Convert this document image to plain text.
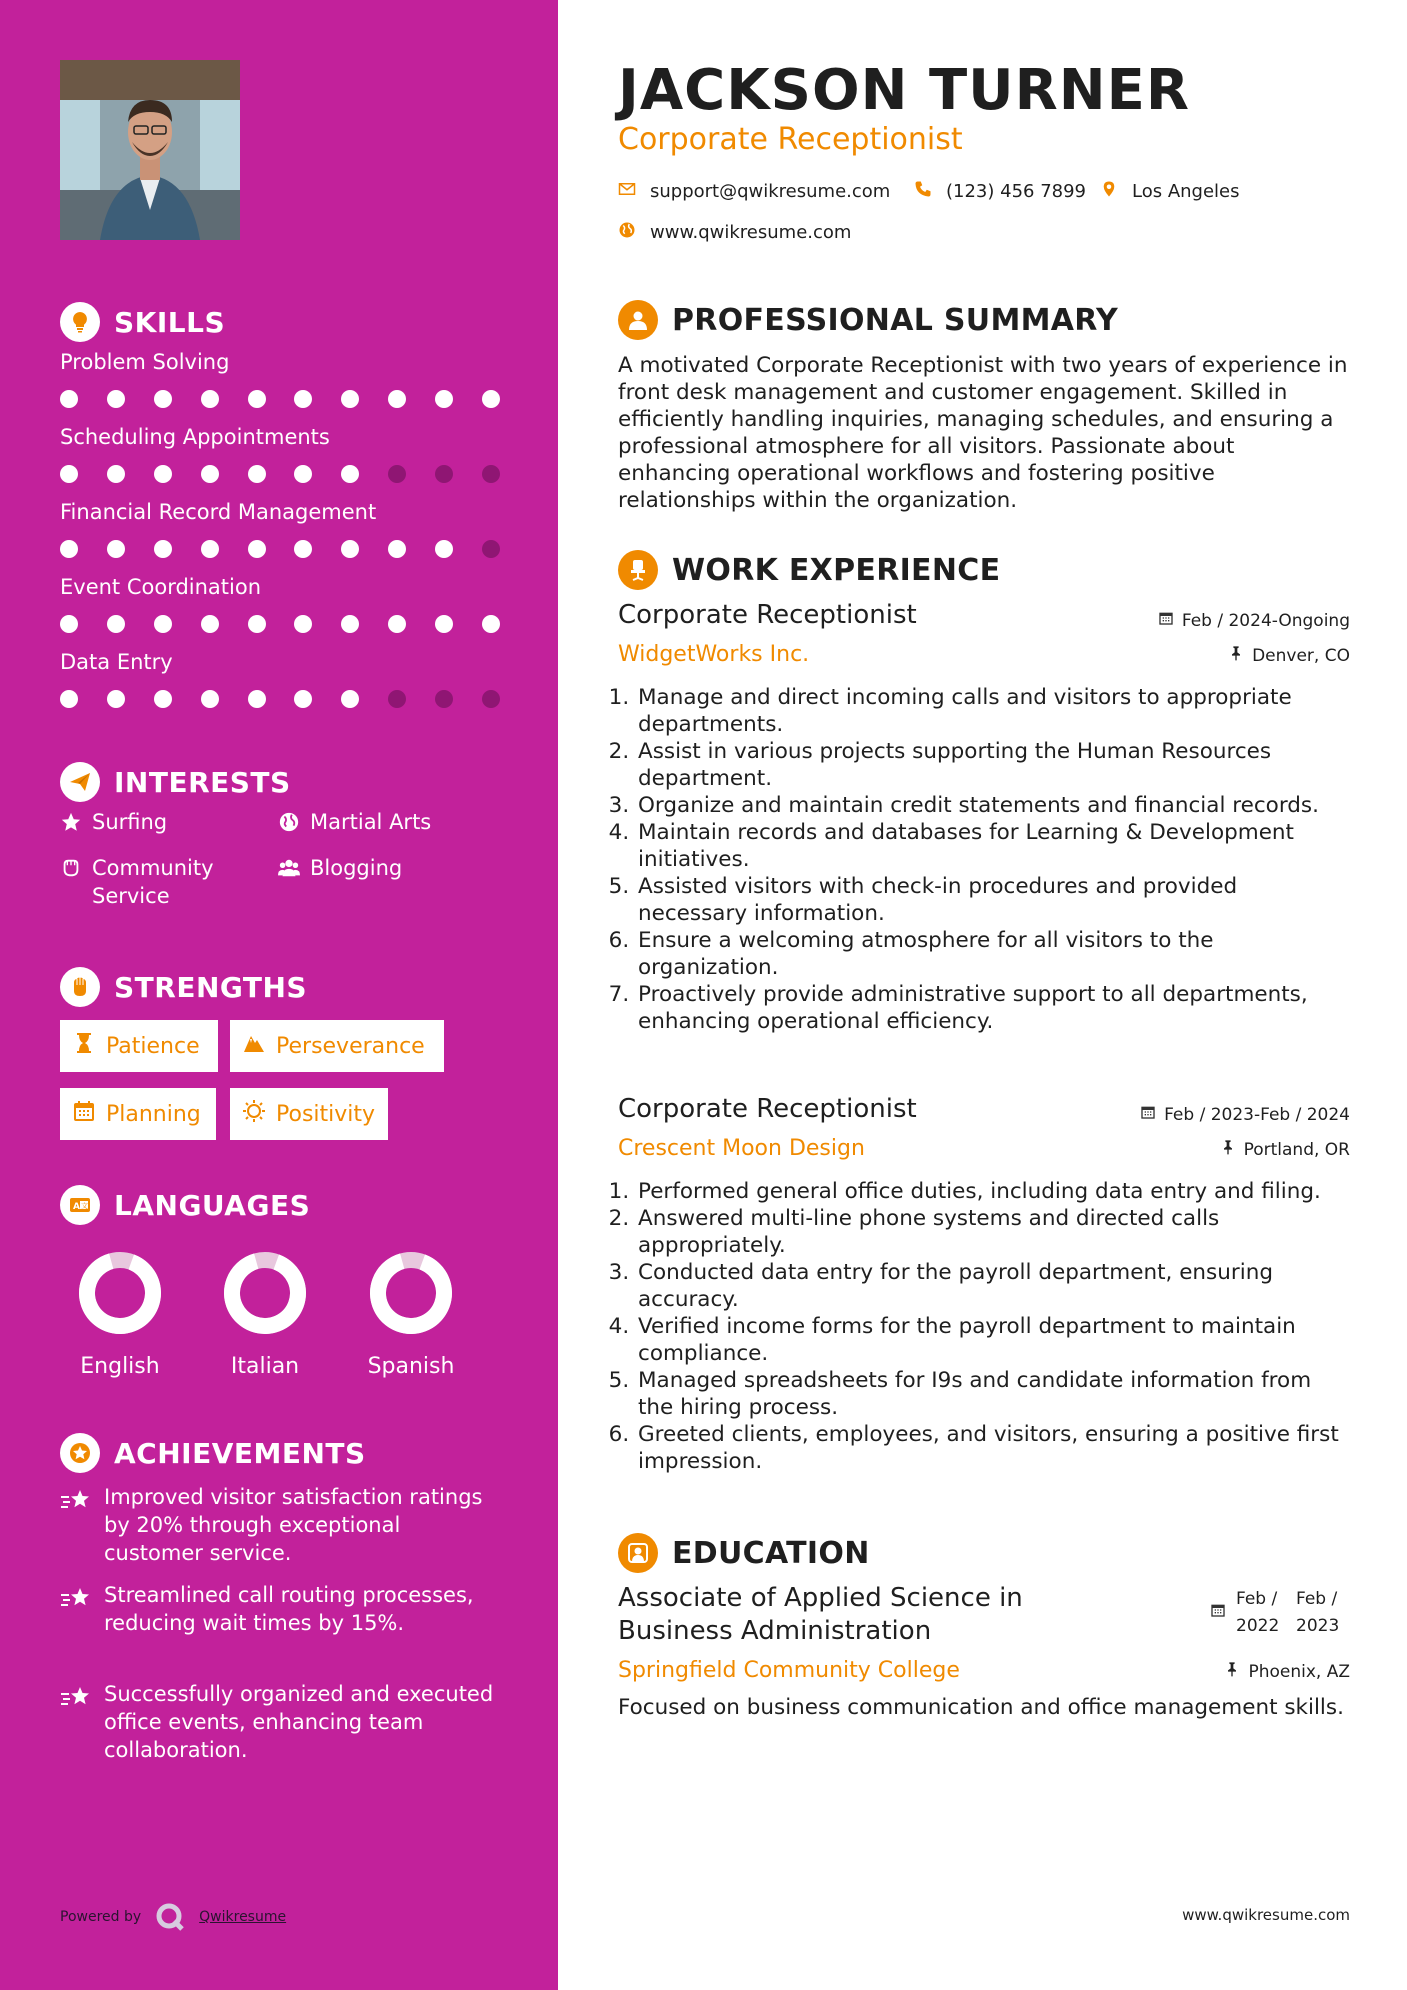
SKILLS
Problem Solving
Scheduling Appointments
Financial Record Management
Event Coordination
Data Entry
INTERESTS
Surfing	Martial Arts
Community Service
Blogging
STRENGTHS
Patience	Perseverance
Planning	Positivity
A 文 LANGUAGES
English	Italian	Spanish
ACHIEVEMENTS
Improved visitor satisfaction ratings by 20% through exceptional customer service.
Streamlined call routing processes, reducing wait times by 15%.
Successfully organized and executed office events, enhancing team collaboration.
Powered by	Qwikresume
JACKSON TURNER
Corporate Receptionist
support@qwikresume.com	(123) 456 7899	Los Angeles
www.qwikresume.com
PROFESSIONAL SUMMARY

A motivated Corporate Receptionist with two years of experience in front desk management and customer engagement. Skilled in efficiently handling inquiries, managing schedules, and ensuring a professional atmosphere for all visitors. Passionate about enhancing operational workflows and fostering positive relationships within the organization.

WORK EXPERIENCE
Corporate Receptionist	Feb / 2024-Ongoing
WidgetWorks Inc.	Denver, CO
1. Manage and direct incoming calls and visitors to appropriate departments.
2. Assist in various projects supporting the Human Resources department.
3. Organize and maintain credit statements and financial records.
4. Maintain records and databases for Learning & Development initiatives.
5. Assisted visitors with check-in procedures and provided necessary information.
6. Ensure a welcoming atmosphere for all visitors to the organization.
7. Proactively provide administrative support to all departments, enhancing operational efficiency.
Corporate Receptionist	Feb / 2023-Feb / 2024
Crescent Moon Design	Portland, OR
1. Performed general office duties, including data entry and filing.
2. Answered multi-line phone systems and directed calls appropriately.
3. Conducted data entry for the payroll department, ensuring accuracy.
4. Verified income forms for the payroll department to maintain compliance.
5. Managed spreadsheets for I9s and candidate information from the hiring process.
6. Greeted clients, employees, and visitors, ensuring a positive first impression.
EDUCATION
Associate of Applied Science in Business Administration
Feb / 2022
Feb / 2023
Springfield Community College	Phoenix, AZ

Focused on business communication and office management skills.

www.qwikresume.com
